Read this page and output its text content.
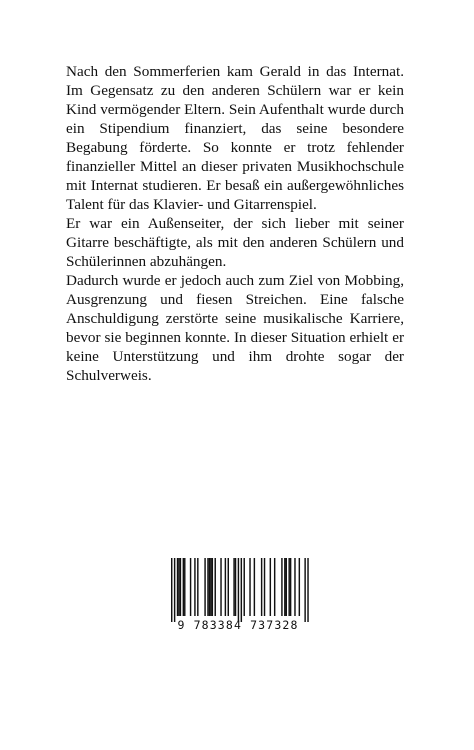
Nach den Sommerferien kam Gerald in das Internat. Im Gegensatz zu den anderen Schülern war er kein Kind vermögender Eltern. Sein Aufenthalt wurde durch ein Stipendium finanziert, das seine besondere Begabung förderte. So konnte er trotz fehlender finanzieller Mittel an dieser privaten Musikhochschule mit Internat studieren. Er besaß ein außergewöhnliches Talent für das Klavier- und Gitarrenspiel.

Er war ein Außenseiter, der sich lieber mit seiner Gitarre beschäftigte, als mit den anderen Schülern und Schülerinnen abzuhängen.

Dadurch wurde er jedoch auch zum Ziel von Mobbing, Ausgrenzung und fiesen Streichen. Eine falsche Anschuldigung zerstörte seine musikalische Karriere, bevor sie beginnen konnte. In dieser Situation erhielt er keine Unterstützung und ihm drohte sogar der Schulverweis.

9 783384 737328
